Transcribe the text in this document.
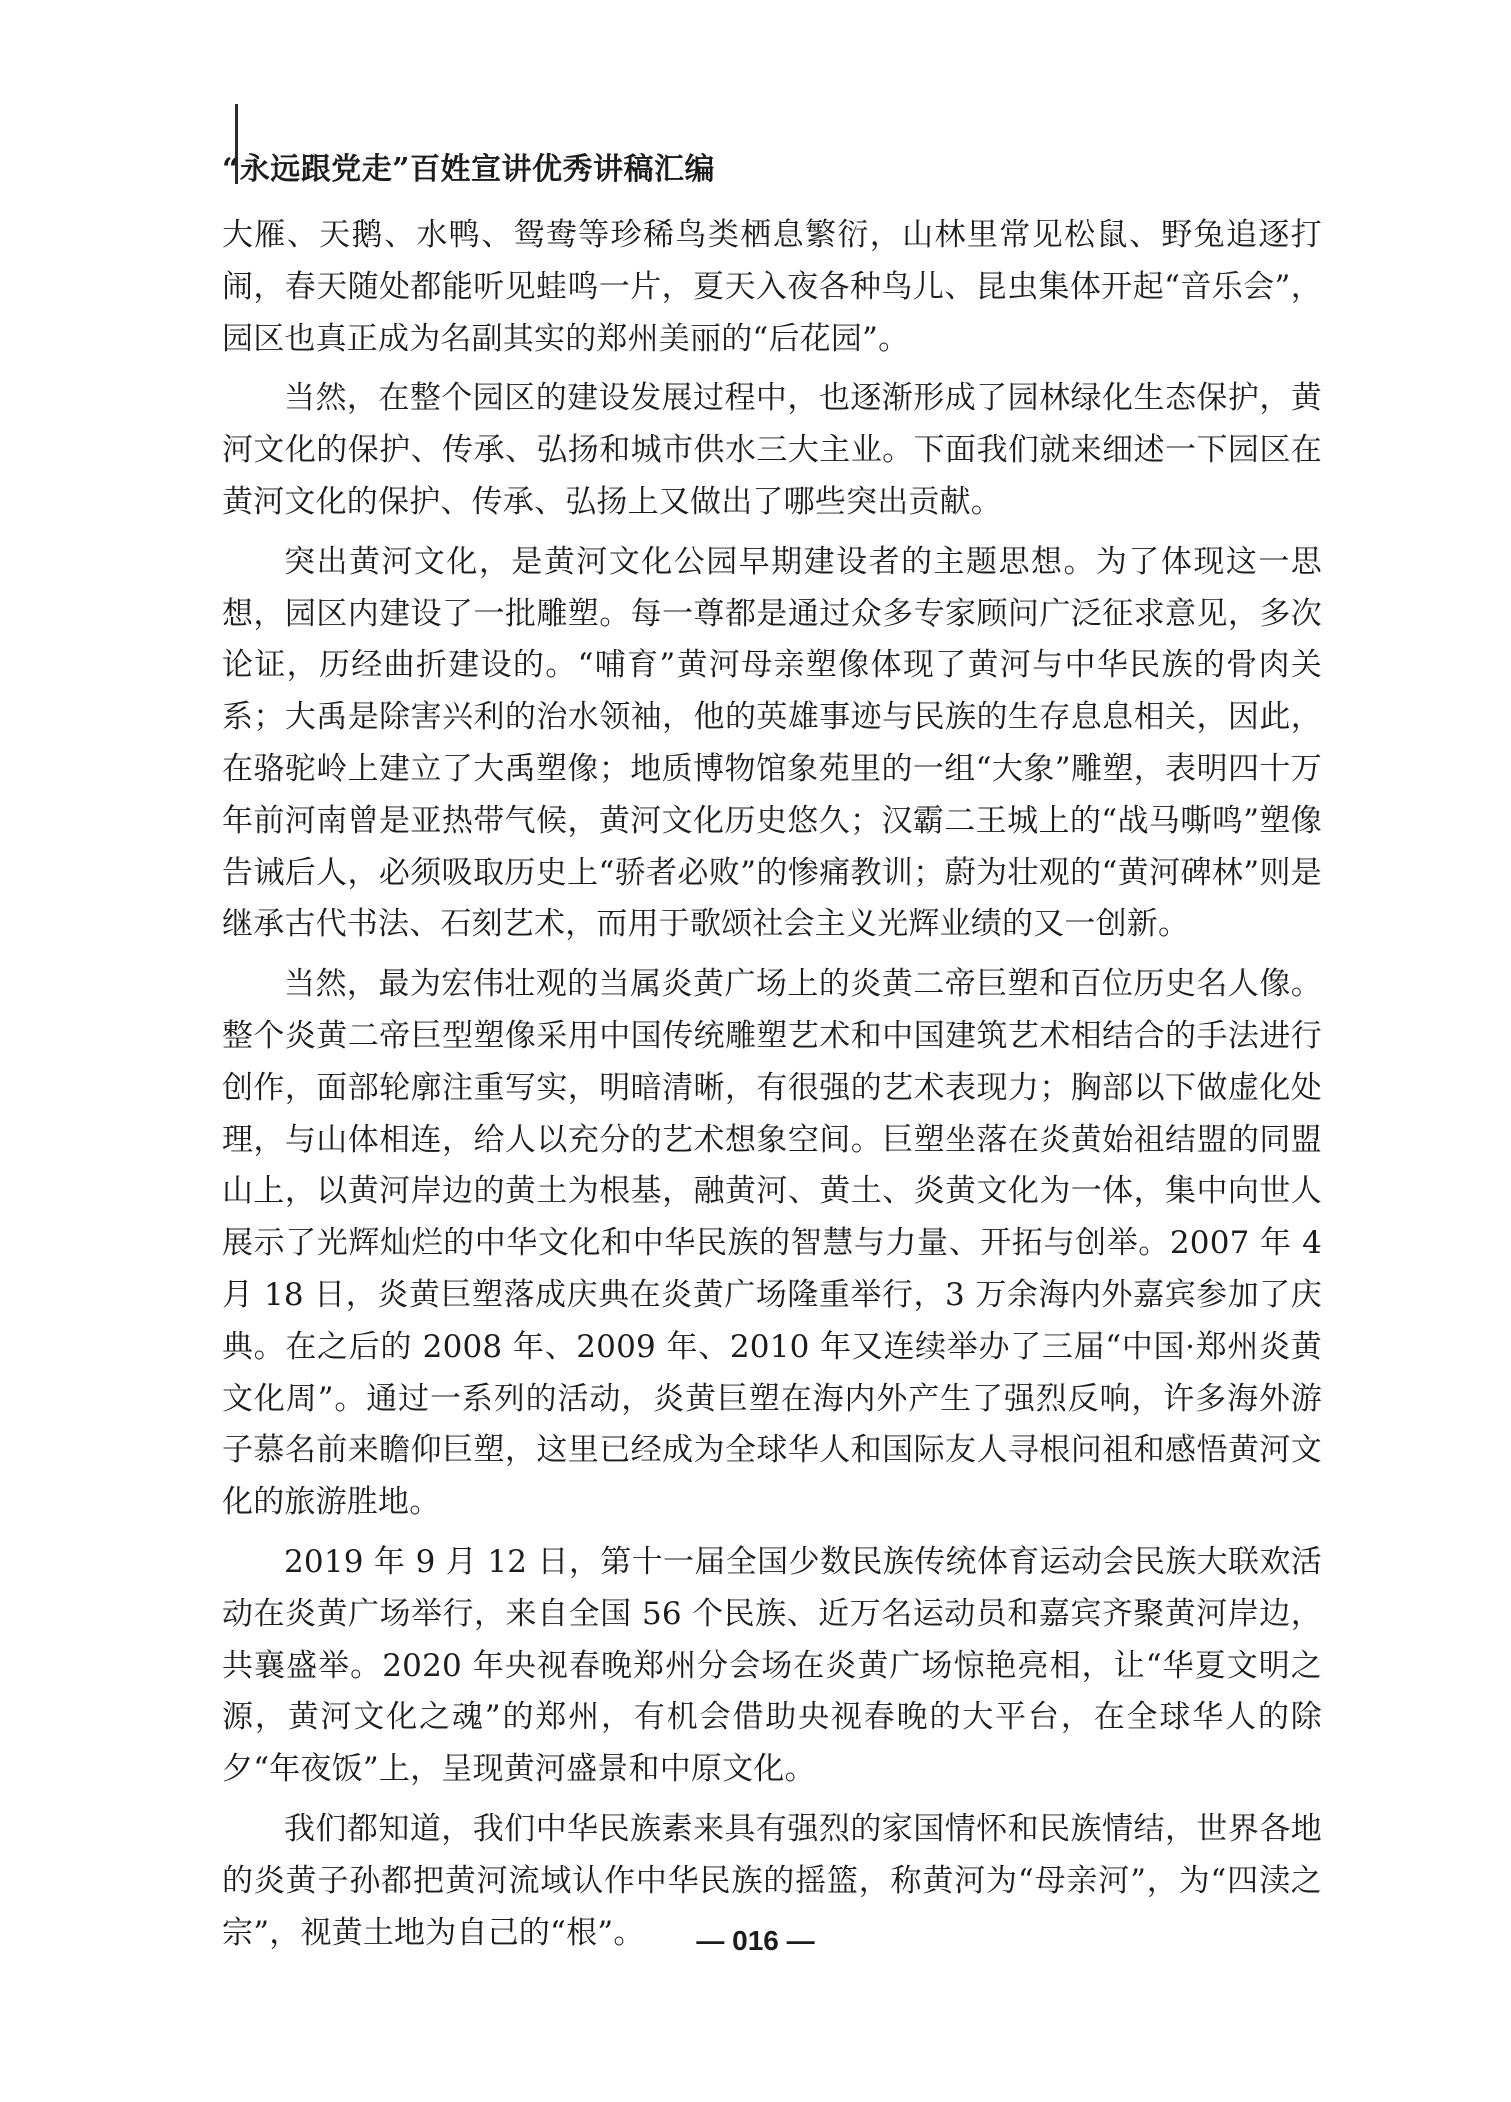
“永远跟党走”百姓宣讲优秀讲稿汇编

大雁、天鹅、水鸭、鸳鸯等珍稀鸟类栖息繁衍，山林里常见松鼠、野兔追逐打闹，春天随处都能听见蛙鸣一片，夏天入夜各种鸟儿、昆虫集体开起“音乐会”，园区也真正成为名副其实的郑州美丽的“后花园”。

当然，在整个园区的建设发展过程中，也逐渐形成了园林绿化生态保护，黄河文化的保护、传承、弘扬和城市供水三大主业。下面我们就来细述一下园区在黄河文化的保护、传承、弘扬上又做出了哪些突出贡献。

突出黄河文化，是黄河文化公园早期建设者的主题思想。为了体现这一思想，园区内建设了一批雕塑。每一尊都是通过众多专家顾问广泛征求意见，多次论证，历经曲折建设的。“哺育”黄河母亲塑像体现了黄河与中华民族的骨肉关系；大禹是除害兴利的治水领袖，他的英雄事迹与民族的生存息息相关，因此，在骆驼岭上建立了大禹塑像；地质博物馆象苑里的一组“大象”雕塑，表明四十万年前河南曾是亚热带气候，黄河文化历史悠久；汉霸二王城上的“战马嘶鸣”塑像告诫后人，必须吸取历史上“骄者必败”的惨痛教训；蔚为壮观的“黄河碑林”则是继承古代书法、石刻艺术，而用于歌颂社会主义光辉业绩的又一创新。

当然，最为宏伟壮观的当属炎黄广场上的炎黄二帝巨塑和百位历史名人像。整个炎黄二帝巨型塑像采用中国传统雕塑艺术和中国建筑艺术相结合的手法进行创作，面部轮廓注重写实，明暗清晰，有很强的艺术表现力；胸部以下做虚化处理，与山体相连，给人以充分的艺术想象空间。巨塑坐落在炎黄始祖结盟的同盟山上，以黄河岸边的黄土为根基，融黄河、黄土、炎黄文化为一体，集中向世人展示了光辉灿烂的中华文化和中华民族的智慧与力量、开拓与创举。2007 年 4 月 18 日，炎黄巨塑落成庆典在炎黄广场隆重举行，3 万余海内外嘉宾参加了庆典。在之后的 2008 年、2009 年、2010 年又连续举办了三届“中国·郑州炎黄文化周”。通过一系列的活动，炎黄巨塑在海内外产生了强烈反响，许多海外游子慕名前来瞻仰巨塑，这里已经成为全球华人和国际友人寻根问祖和感悟黄河文化的旅游胜地。

2019 年 9 月 12 日，第十一届全国少数民族传统体育运动会民族大联欢活动在炎黄广场举行，来自全国 56 个民族、近万名运动员和嘉宾齐聚黄河岸边，共襄盛举。2020 年央视春晚郑州分会场在炎黄广场惊艳亮相，让“华夏文明之源，黄河文化之魂”的郑州，有机会借助央视春晚的大平台，在全球华人的除夕“年夜饭”上，呈现黄河盛景和中原文化。

我们都知道，我们中华民族素来具有强烈的家国情怀和民族情结，世界各地的炎黄子孙都把黄河流域认作中华民族的摇篮，称黄河为“母亲河”，为“四渎之宗”，视黄土地为自己的“根”。	— 016 —
